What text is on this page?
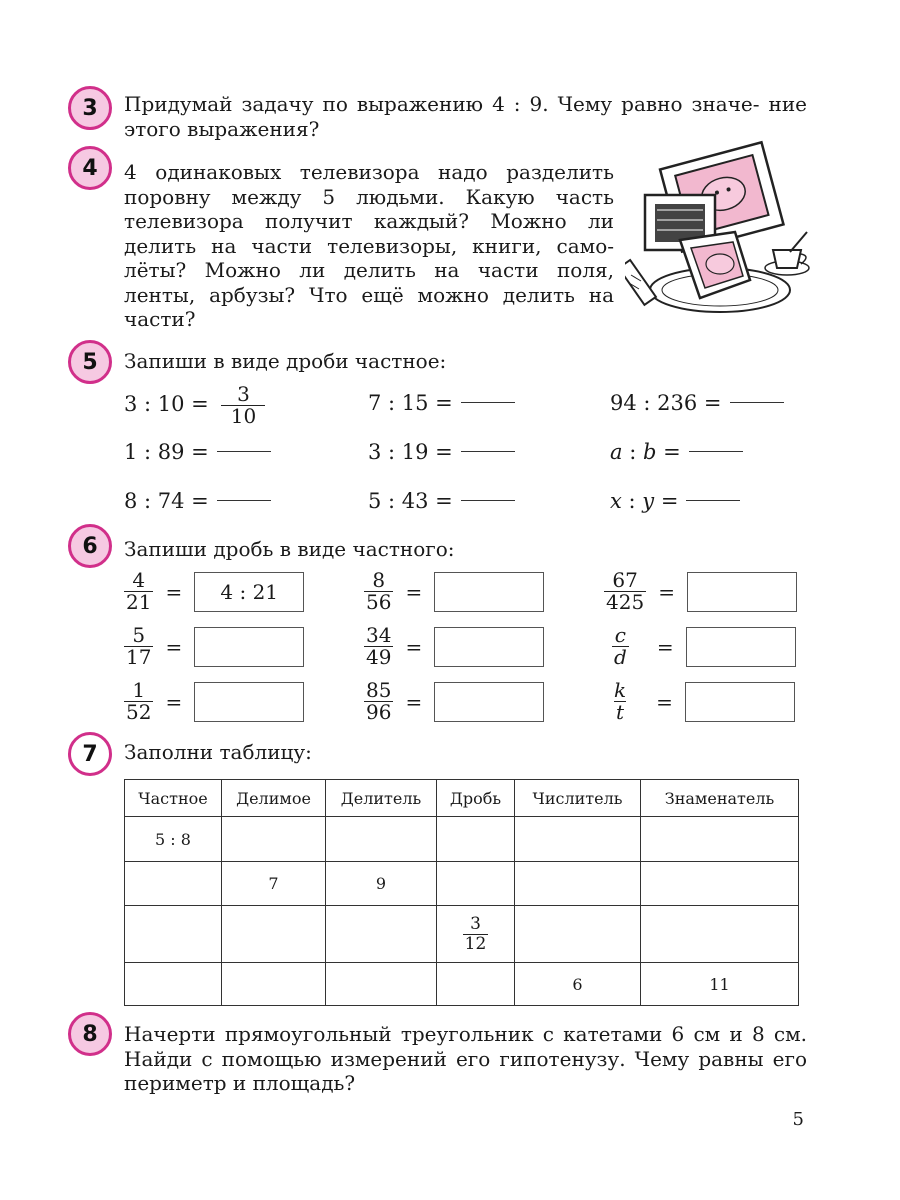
3 Придумай задачу по выражению 4 : 9. Чему равно значе- ние этого выражения?

4 4 одинаковых телевизора надо разделить поровну между 5 людьми. Какую часть телевизора получит каждый? Можно ли делить на части телевизоры, книги, само- лёты? Можно ли делить на части поля, ленты, арбузы? Что ещё можно делить на части?

5 Запиши в виде дроби частное:
3 : $10 = \frac{3}{10}$	7 : 15 =	94 : 236 =
1 : 89 =	3 : 19 =	a : b =
8 : 74 =	5 : 43 =	x : y =
6 Запиши дробь в виде частного:
$\frac{4}{21}$ =	4 : 21	$\frac{8}{56}$ =	$\frac{67}{425}$ =
$\frac{5}{17}$ =	$\frac{34}{49}$ =	$\frac{c}{d}$ =
$\frac{1}{52}$ =	$\frac{85}{96}$ =	$\frac{k}{t}$ =
7 Заполни таблицу:
Частное	Делимое	Делитель	Дробь	Числитель	Знаменатель
5 : 8					
	7	9			

			$\frac{3}{12}$

				6	11
8 Начерти прямоугольный треугольник с катетами 6 см и 8 см. Найди с помощью измерений его гипотенузу. Чему равны его периметр и площадь?

5
